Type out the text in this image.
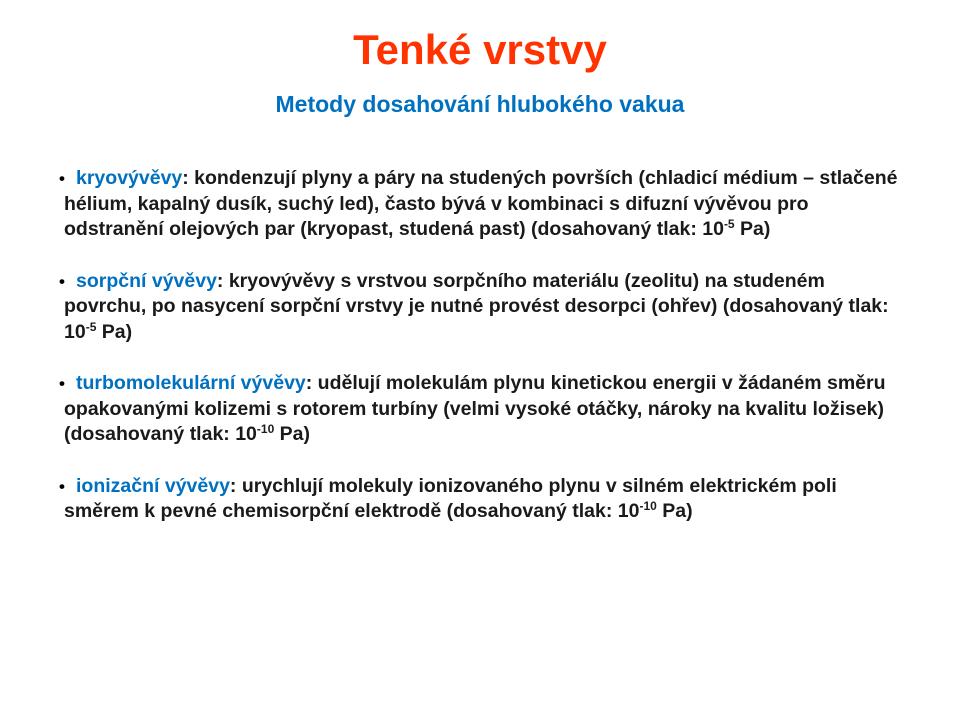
Tenké vrstvy
Metody dosahování hlubokého vakua
• kryovývěvy: kondenzují plyny a páry na studených površích (chladicí médium – stlačené hélium, kapalný dusík, suchý led), často bývá v kombinaci s difuzní vývěvou pro odstranění olejových par (kryopast, studená past) (dosahovaný tlak: $10^{-5}$ Pa)
• sorpční vývěvy: kryovývěvy s vrstvou sorpčního materiálu (zeolitu) na studeném povrchu, po nasycení sorpční vrstvy je nutné provést desorpci (ohřev) (dosahovaný tlak: $10^{-5}$ Pa)
• turbomolekulární vývěvy: udělují molekulám plynu kinetickou energii v žádaném směru opakovanými kolizemi s rotorem turbíny (velmi vysoké otáčky, nároky na kvalitu ložisek) (dosahovaný tlak: $10^{-10}$ Pa)
• ionizační vývěvy: urychlují molekuly ionizovaného plynu v silném elektrickém poli směrem k pevné chemisorpční elektrodě (dosahovaný tlak: $10^{-10}$ Pa)
